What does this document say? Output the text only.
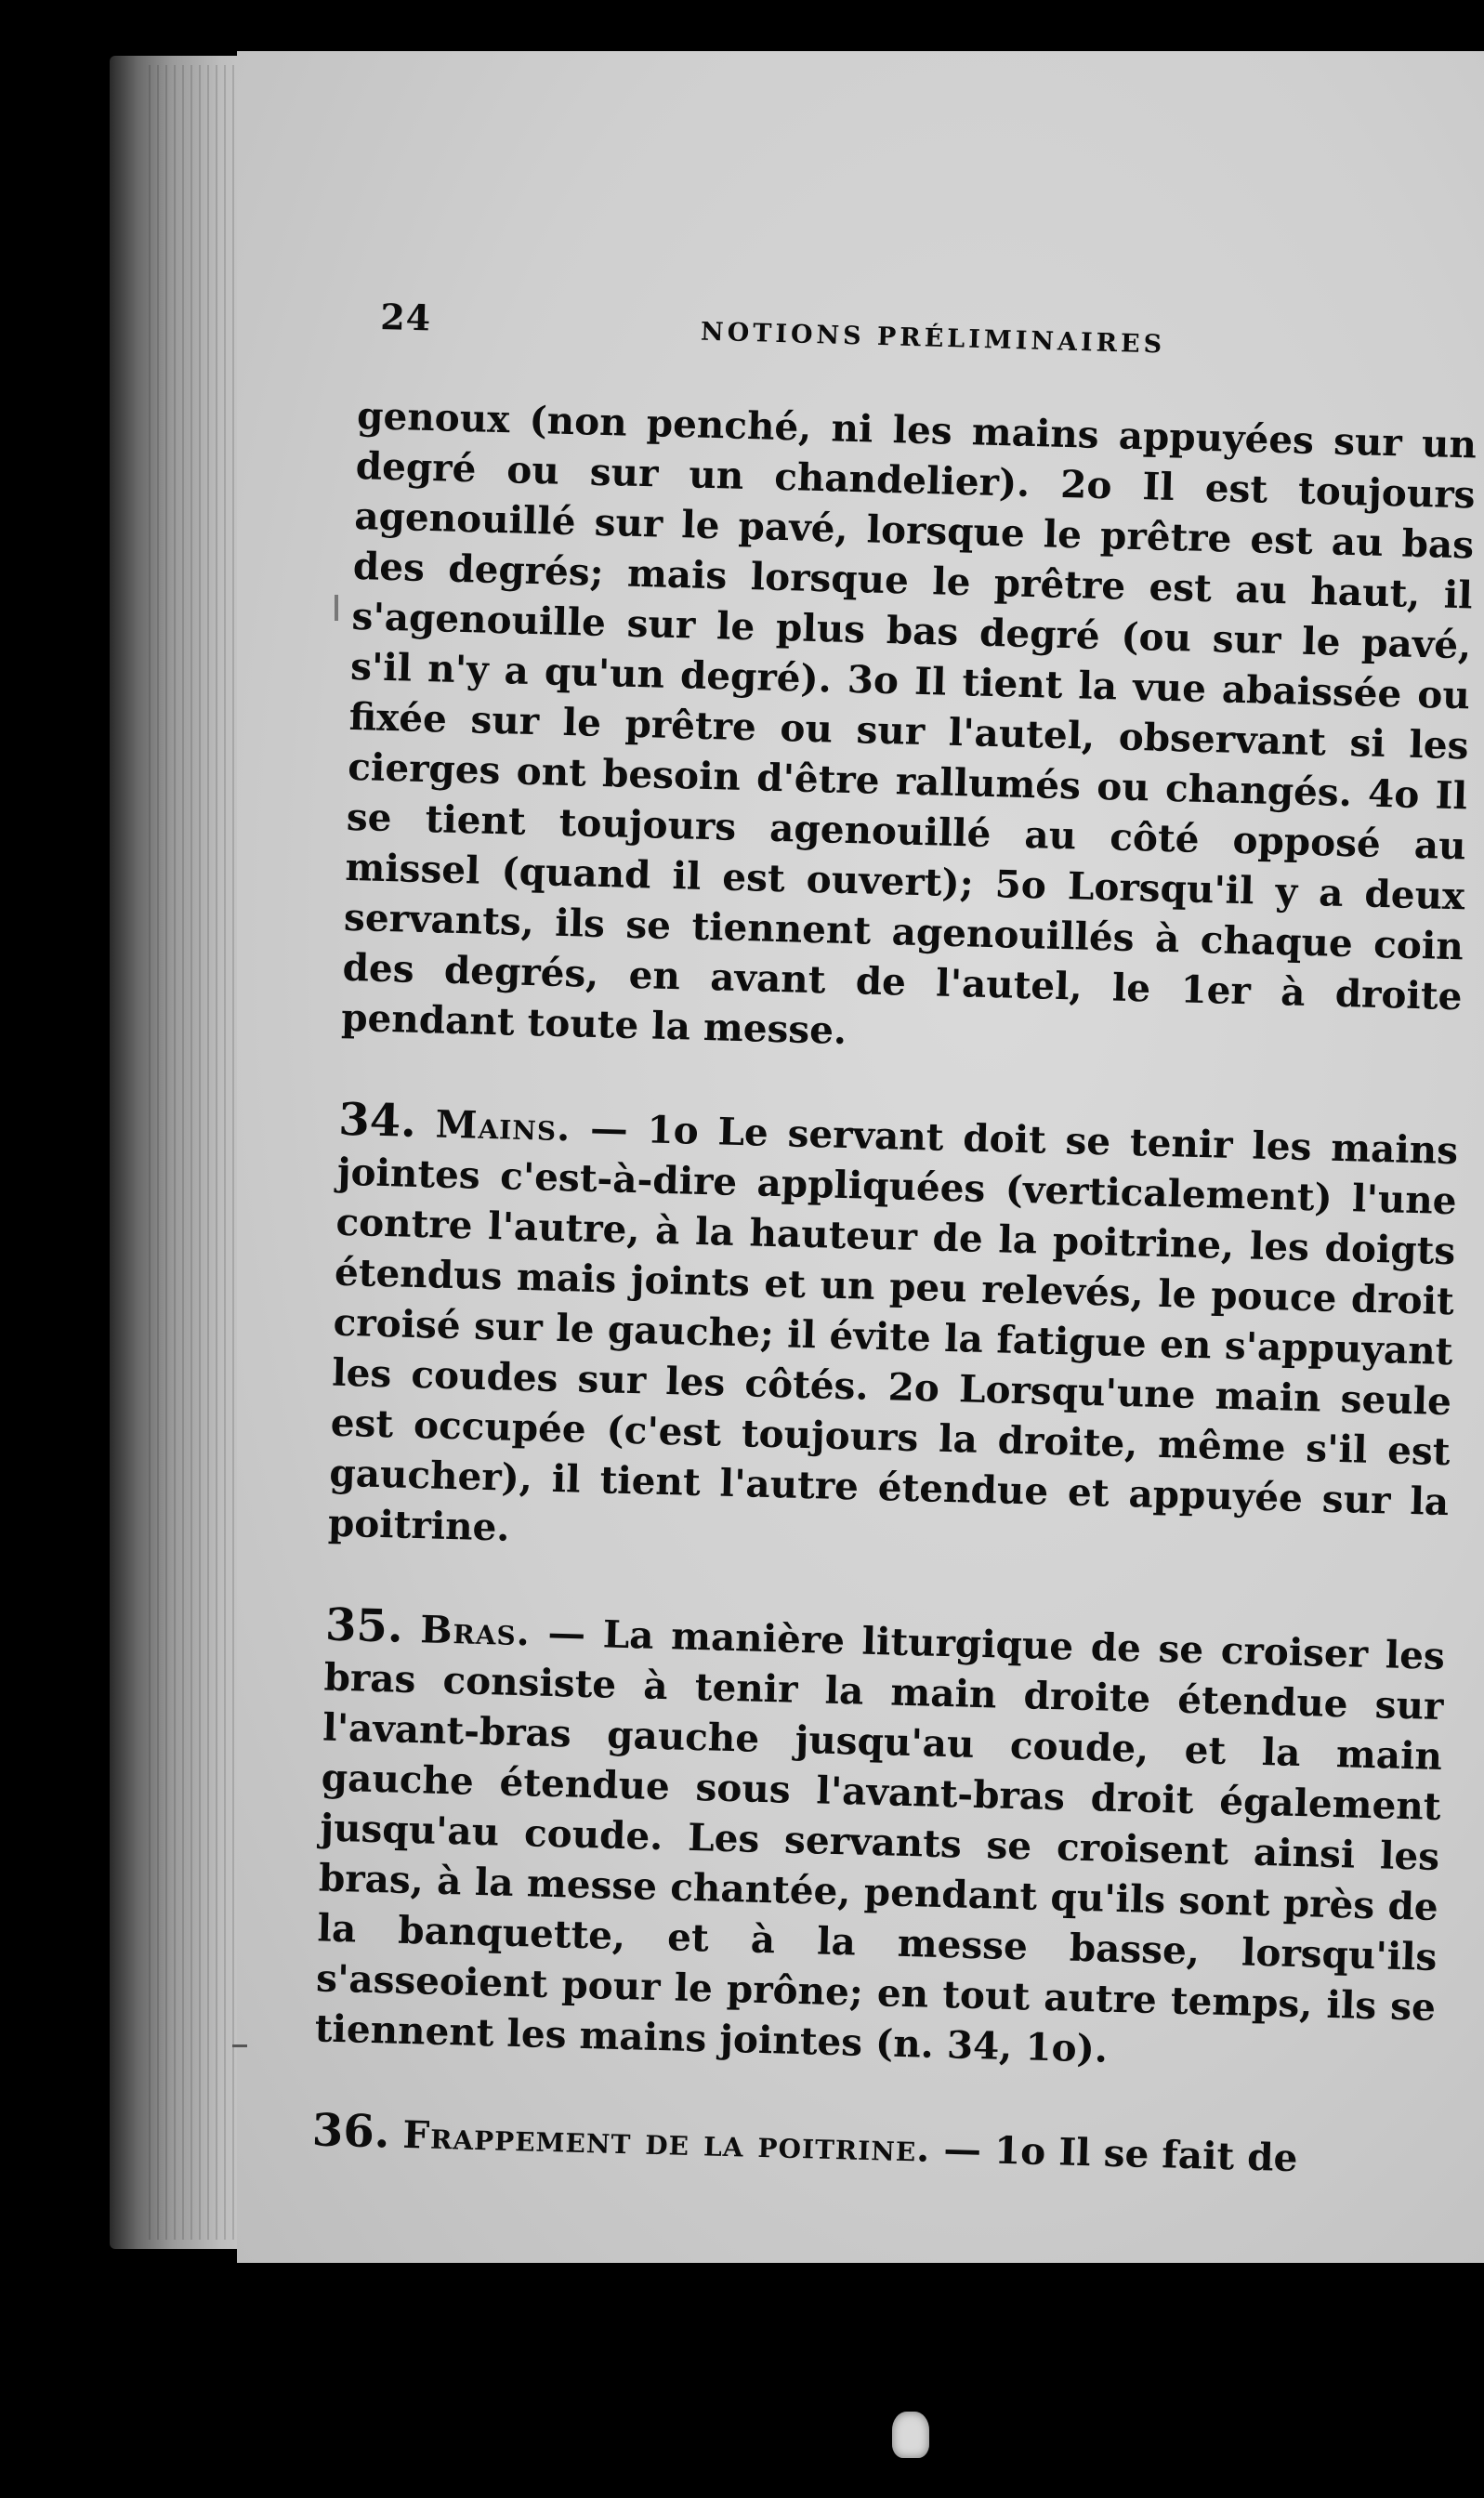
24	NOTIONS PRÉLIMINAIRES

genoux (non penché, ni les mains appuyées sur un degré ou sur un chandelier). 2o Il est toujours agenouillé sur le pavé, lorsque le prêtre est au bas des degrés; mais lorsque le prêtre est au haut, il s'agenouille sur le plus bas degré (ou sur le pavé, s'il n'y a qu'un degré). 3o Il tient la vue abaissée ou fixée sur le prêtre ou sur l'autel, observant si les cierges ont besoin d'être rallumés ou changés. 4o Il se tient toujours agenouillé au côté opposé au missel (quand il est ouvert); 5o Lorsqu'il y a deux servants, ils se tiennent agenouillés à chaque coin des degrés, en avant de l'autel, le 1er à droite pendant toute la messe.

34. Mains. — 1o Le servant doit se tenir les mains jointes c'est-à-dire appliquées (verticalement) l'une contre l'autre, à la hauteur de la poitrine, les doigts étendus mais joints et un peu relevés, le pouce droit croisé sur le gauche; il évite la fatigue en s'appuyant les coudes sur les côtés. 2o Lorsqu'une main seule est occupée (c'est toujours la droite, même s'il est gaucher), il tient l'autre étendue et appuyée sur la poitrine.

35. Bras. — La manière liturgique de se croiser les bras consiste à tenir la main droite étendue sur l'avant-bras gauche jusqu'au coude, et la main gauche étendue sous l'avant-bras droit également jusqu'au coude. Les servants se croisent ainsi les bras, à la messe chantée, pendant qu'ils sont près de la banquette, et à la messe basse, lorsqu'ils s'asseoient pour le prône; en tout autre temps, ils se tiennent les mains jointes (n. 34, 1o).

36. Frappement de la poitrine. — 1o Il se fait de
